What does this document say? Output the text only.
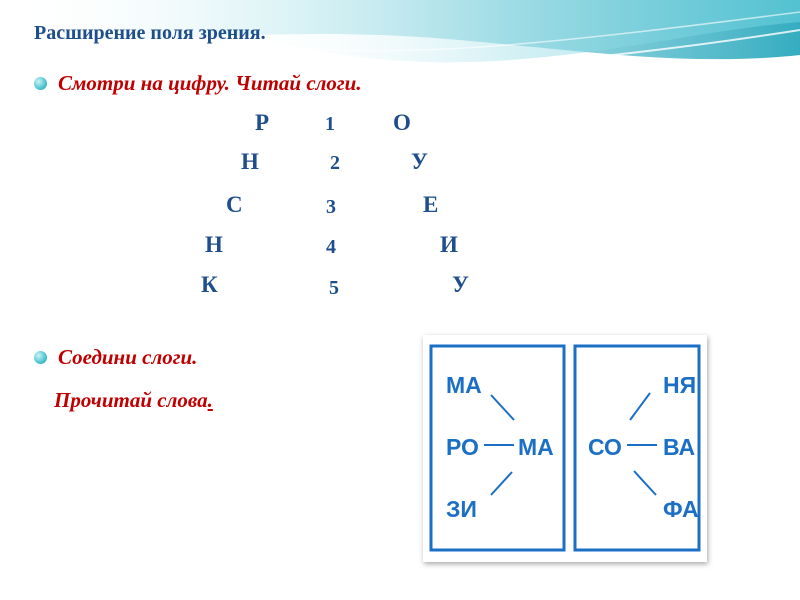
Расширение поля зрения.
Смотри на цифру. Читай слоги.
Р	1	О
Н	2	У
С	3	Е
Н	4	И
К	5	У
Соедини слоги.
Прочитай слова.
МА
РО МА
ЗИ
НЯ
СО ВА
ФА
